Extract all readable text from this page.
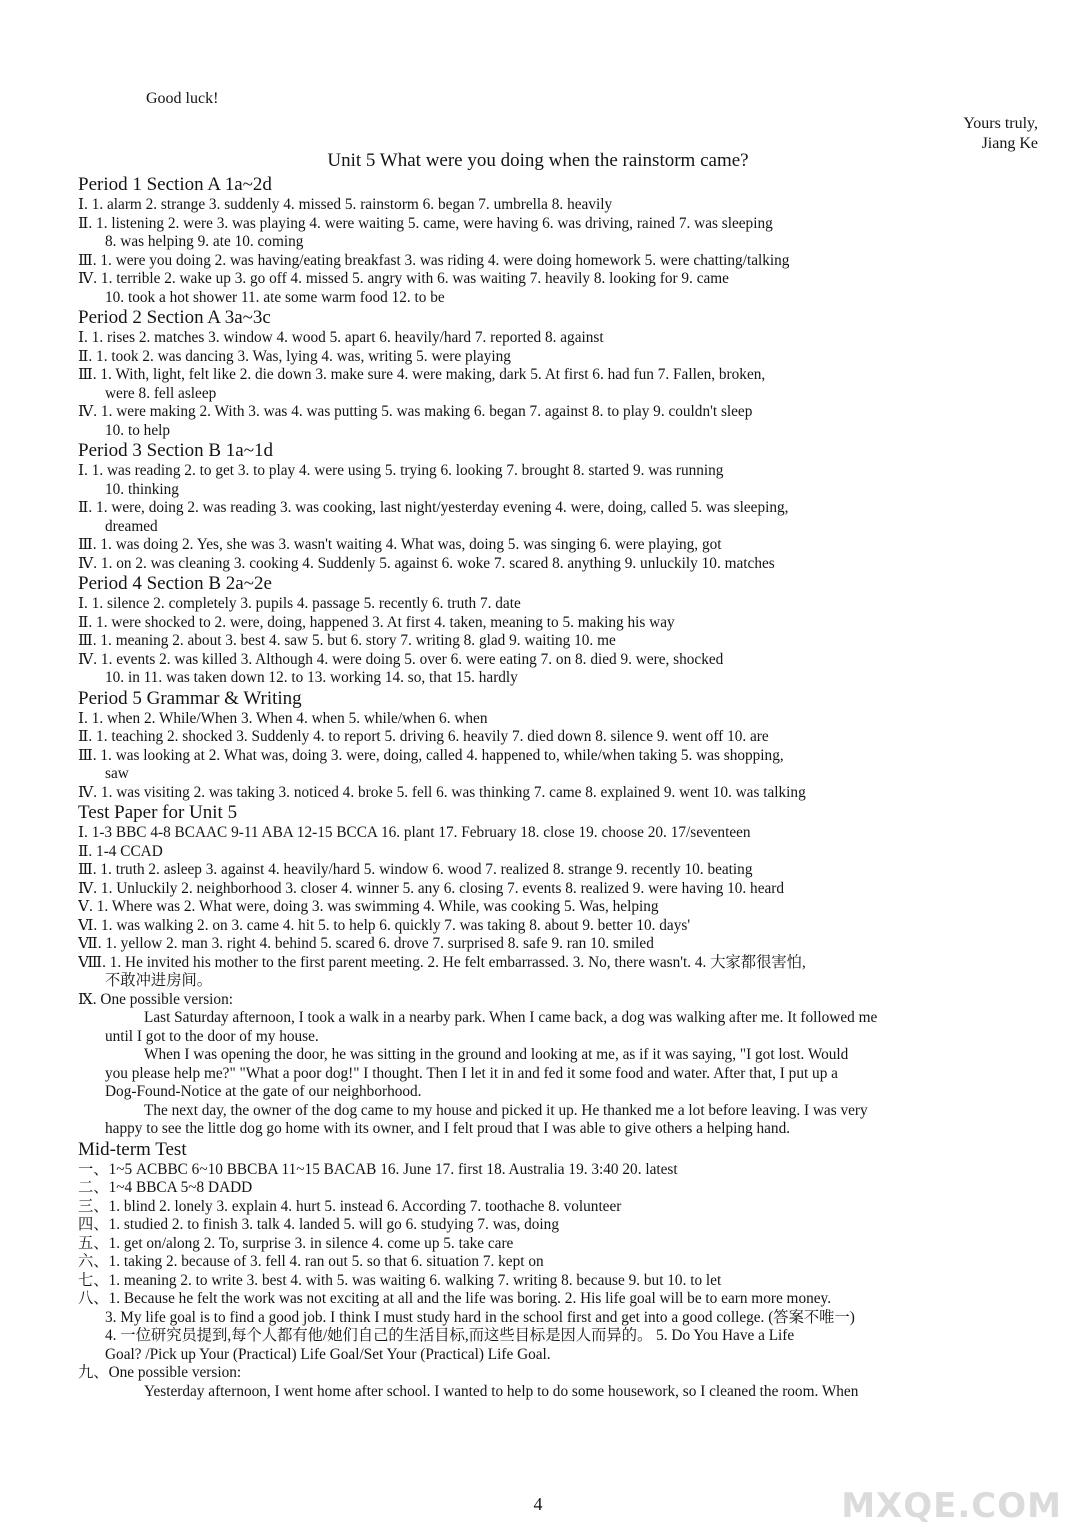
Good luck!
Yours truly,
Jiang Ke
Unit 5 What were you doing when the rainstorm came?
Period 1 Section A 1a~2d
Ⅰ. 1. alarm 2. strange 3. suddenly 4. missed 5. rainstorm 6. began 7. umbrella 8. heavily
Ⅱ. 1. listening 2. were 3. was playing 4. were waiting 5. came, were having 6. was driving, rained 7. was sleeping
8. was helping 9. ate 10. coming
Ⅲ. 1. were you doing 2. was having/eating breakfast 3. was riding 4. were doing homework 5. were chatting/talking
Ⅳ. 1. terrible 2. wake up 3. go off 4. missed 5. angry with 6. was waiting 7. heavily 8. looking for 9. came
10. took a hot shower 11. ate some warm food 12. to be
Period 2 Section A 3a~3c
Ⅰ. 1. rises 2. matches 3. window 4. wood 5. apart 6. heavily/hard 7. reported 8. against
Ⅱ. 1. took 2. was dancing 3. Was, lying 4. was, writing 5. were playing
Ⅲ. 1. With, light, felt like 2. die down 3. make sure 4. were making, dark 5. At first 6. had fun 7. Fallen, broken,
were 8. fell asleep
Ⅳ. 1. were making 2. With 3. was 4. was putting 5. was making 6. began 7. against 8. to play 9. couldn't sleep
10. to help
Period 3 Section B 1a~1d
Ⅰ. 1. was reading 2. to get 3. to play 4. were using 5. trying 6. looking 7. brought 8. started 9. was running
10. thinking
Ⅱ. 1. were, doing 2. was reading 3. was cooking, last night/yesterday evening 4. were, doing, called 5. was sleeping,
dreamed
Ⅲ. 1. was doing 2. Yes, she was 3. wasn't waiting 4. What was, doing 5. was singing 6. were playing, got
Ⅳ. 1. on 2. was cleaning 3. cooking 4. Suddenly 5. against 6. woke 7. scared 8. anything 9. unluckily 10. matches
Period 4 Section B 2a~2e
Ⅰ. 1. silence 2. completely 3. pupils 4. passage 5. recently 6. truth 7. date
Ⅱ. 1. were shocked to 2. were, doing, happened 3. At first 4. taken, meaning to 5. making his way
Ⅲ. 1. meaning 2. about 3. best 4. saw 5. but 6. story 7. writing 8. glad 9. waiting 10. me
Ⅳ. 1. events 2. was killed 3. Although 4. were doing 5. over 6. were eating 7. on 8. died 9. were, shocked
10. in 11. was taken down 12. to 13. working 14. so, that 15. hardly
Period 5 Grammar & Writing
Ⅰ. 1. when 2. While/When 3. When 4. when 5. while/when 6. when
Ⅱ. 1. teaching 2. shocked 3. Suddenly 4. to report 5. driving 6. heavily 7. died down 8. silence 9. went off 10. are
Ⅲ. 1. was looking at 2. What was, doing 3. were, doing, called 4. happened to, while/when taking 5. was shopping,
saw
Ⅳ. 1. was visiting 2. was taking 3. noticed 4. broke 5. fell 6. was thinking 7. came 8. explained 9. went 10. was talking
Test Paper for Unit 5
Ⅰ. 1-3 BBC 4-8 BCAAC 9-11 ABA 12-15 BCCA 16. plant 17. February 18. close 19. choose 20. 17/seventeen
Ⅱ. 1-4 CCAD
Ⅲ. 1. truth 2. asleep 3. against 4. heavily/hard 5. window 6. wood 7. realized 8. strange 9. recently 10. beating
Ⅳ. 1. Unluckily 2. neighborhood 3. closer 4. winner 5. any 6. closing 7. events 8. realized 9. were having 10. heard
Ⅴ. 1. Where was 2. What were, doing 3. was swimming 4. While, was cooking 5. Was, helping
Ⅵ. 1. was walking 2. on 3. came 4. hit 5. to help 6. quickly 7. was taking 8. about 9. better 10. days'
Ⅶ. 1. yellow 2. man 3. right 4. behind 5. scared 6. drove 7. surprised 8. safe 9. ran 10. smiled
Ⅷ. 1. He invited his mother to the first parent meeting. 2. He felt embarrassed. 3. No, there wasn't. 4. 大家都很害怕,
不敢冲进房间。
Ⅸ. One possible version:
Last Saturday afternoon, I took a walk in a nearby park. When I came back, a dog was walking after me. It followed me
until I got to the door of my house.
When I was opening the door, he was sitting in the ground and looking at me, as if it was saying, "I got lost. Would
you please help me?" "What a poor dog!" I thought. Then I let it in and fed it some food and water. After that, I put up a
Dog-Found-Notice at the gate of our neighborhood.
The next day, the owner of the dog came to my house and picked it up. He thanked me a lot before leaving. I was very
happy to see the little dog go home with its owner, and I felt proud that I was able to give others a helping hand.
Mid-term Test
一、1~5 ACBBC 6~10 BBCBA 11~15 BACAB 16. June 17. first 18. Australia 19. 3:40 20. latest
二、1~4 BBCA 5~8 DADD
三、1. blind 2. lonely 3. explain 4. hurt 5. instead 6. According 7. toothache 8. volunteer
四、1. studied 2. to finish 3. talk 4. landed 5. will go 6. studying 7. was, doing
五、1. get on/along 2. To, surprise 3. in silence 4. come up 5. take care
六、1. taking 2. because of 3. fell 4. ran out 5. so that 6. situation 7. kept on
七、1. meaning 2. to write 3. best 4. with 5. was waiting 6. walking 7. writing 8. because 9. but 10. to let
八、1. Because he felt the work was not exciting at all and the life was boring. 2. His life goal will be to earn more money.
3. My life goal is to find a good job. I think I must study hard in the school first and get into a good college. (答案不唯一)
4. 一位研究员提到,每个人都有他/她们自己的生活目标,而这些目标是因人而异的。 5. Do You Have a Life
Goal? /Pick up Your (Practical) Life Goal/Set Your (Practical) Life Goal.
九、One possible version:
Yesterday afternoon, I went home after school. I wanted to help to do some housework, so I cleaned the room. When
4	MXQE.COM
